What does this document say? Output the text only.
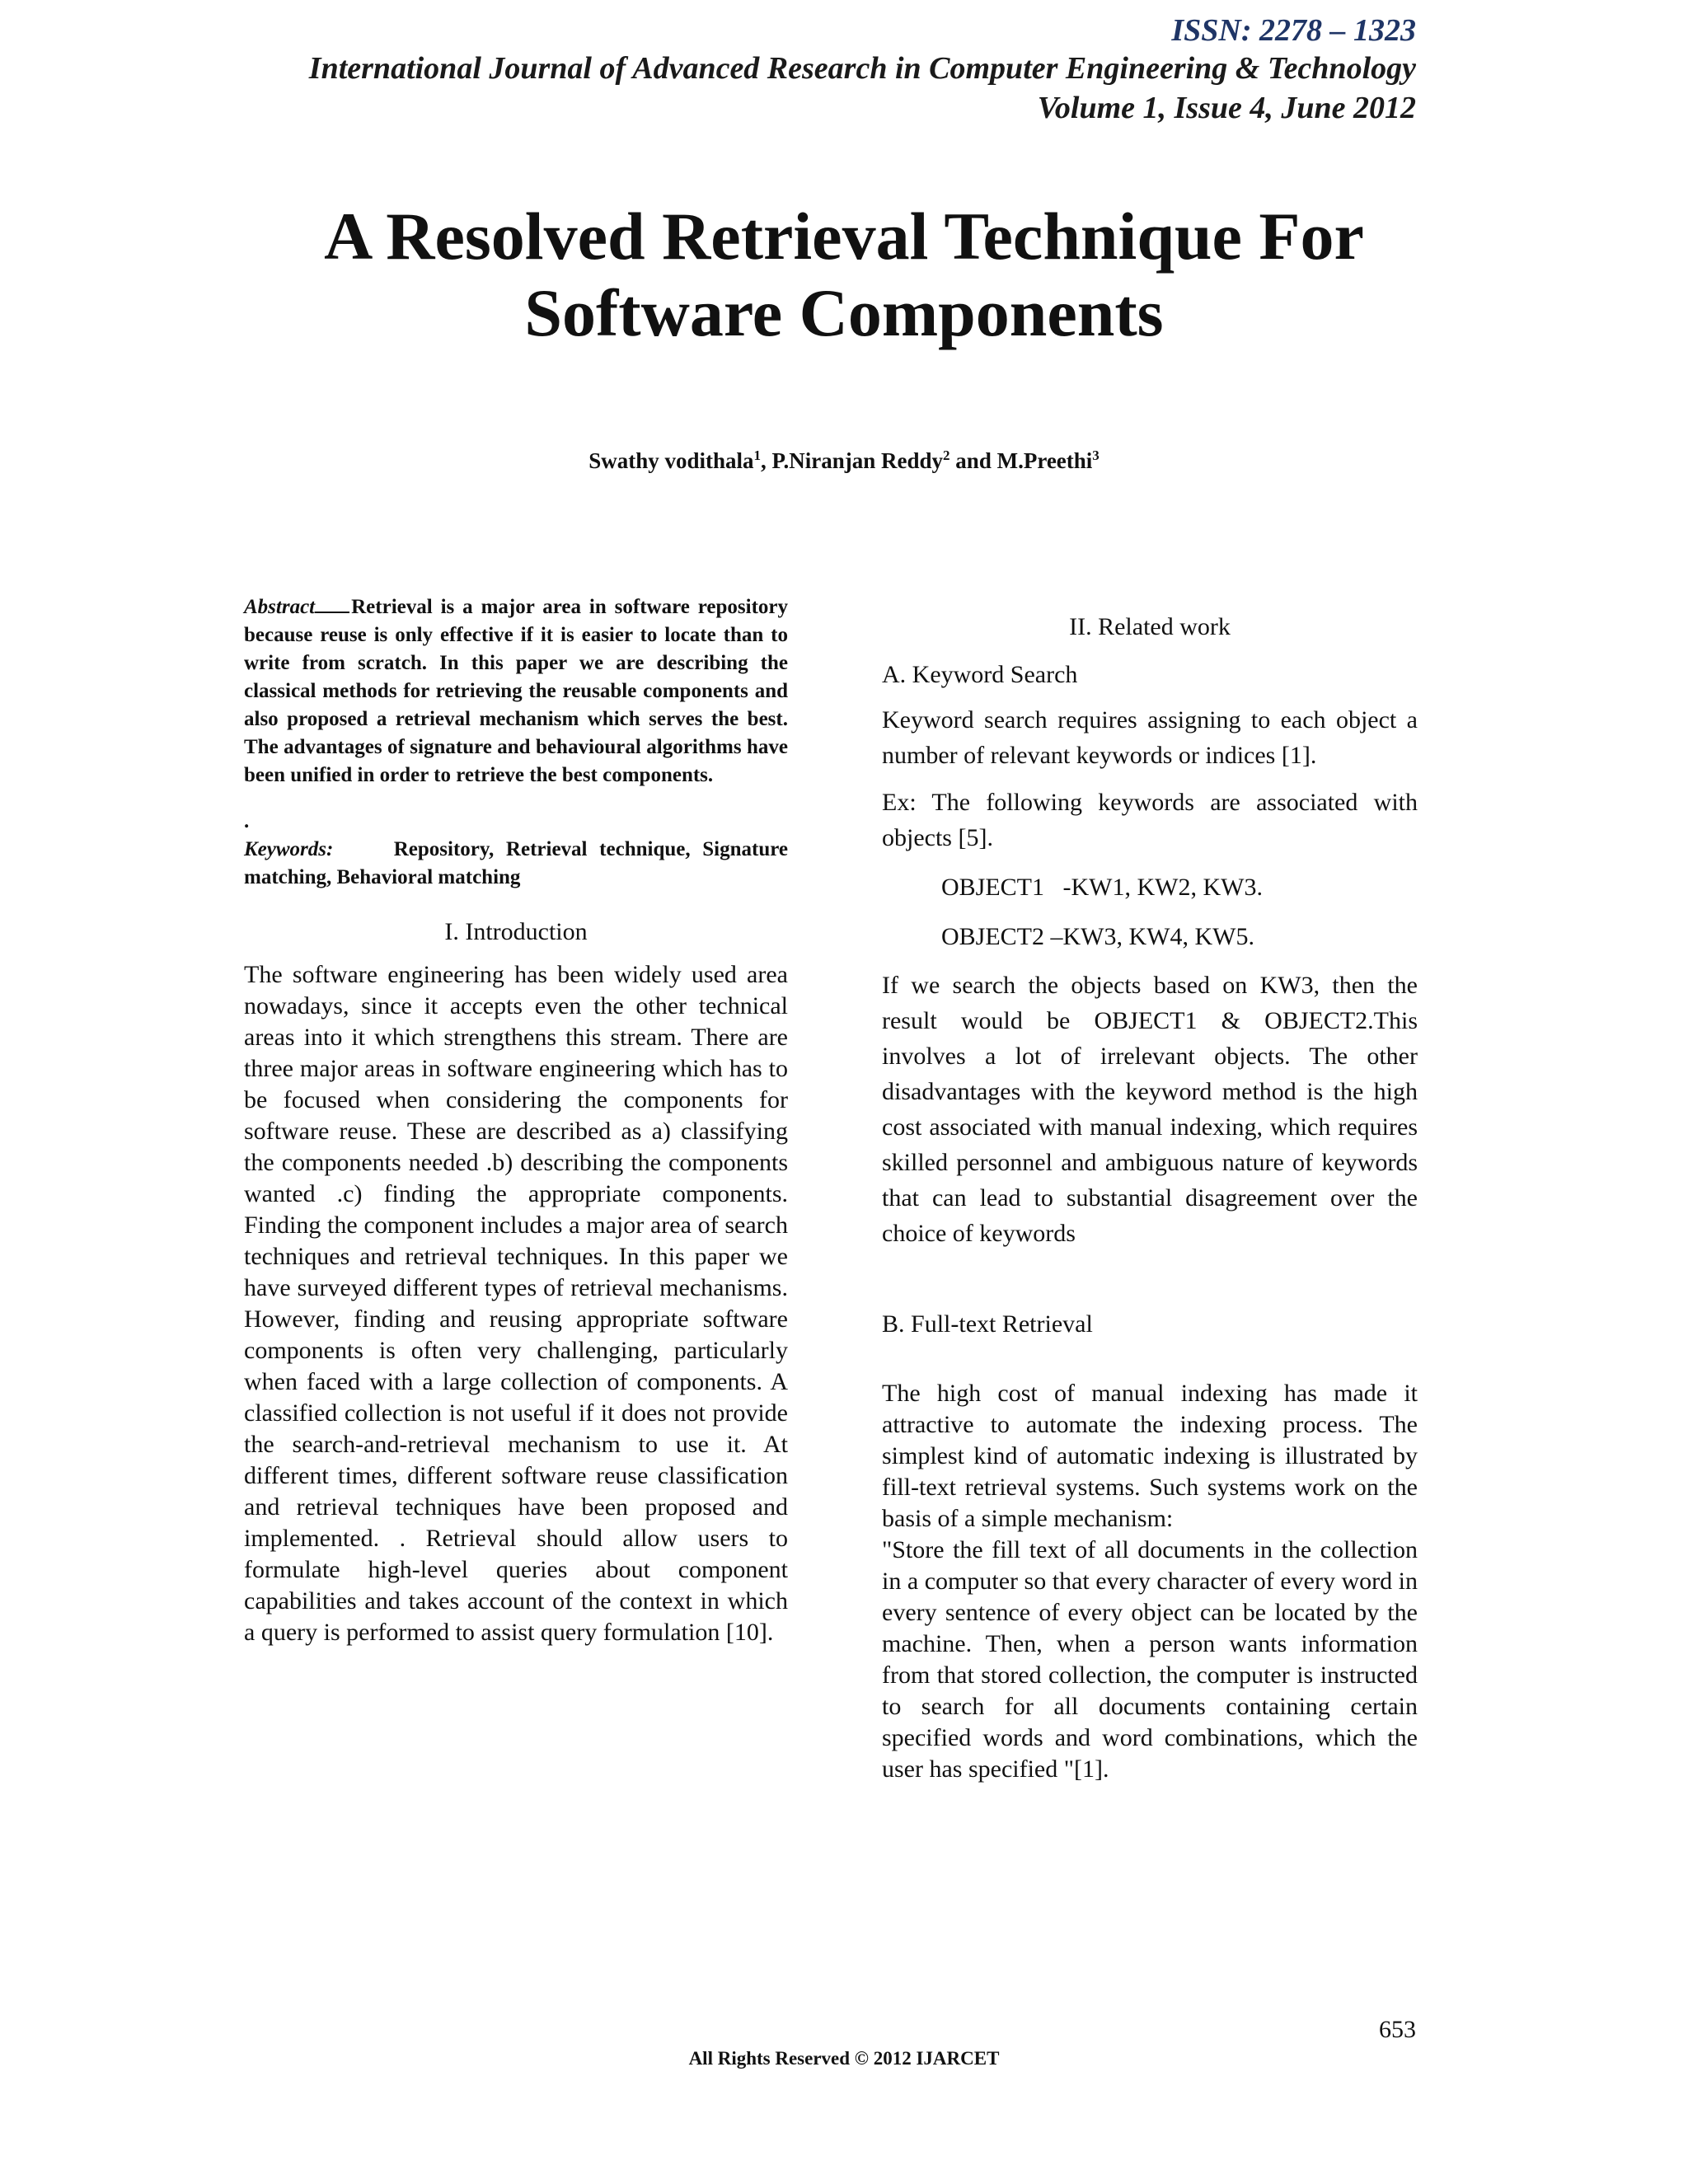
ISSN: 2278 – 1323
International Journal of Advanced Research in Computer Engineering & Technology
Volume 1, Issue 4, June 2012
A Resolved Retrieval Technique For
Software Components
Swathy vodithala$^1$, P.Niranjan Reddy$^2$ and M.Preethi$^3$

Abstract Retrieval is a major area in software repository because reuse is only effective if it is easier to locate than to write from scratch. In this paper we are describing the classical methods for retrieving the reusable components and also proposed a retrieval mechanism which serves the best. The advantages of signature and behavioural algorithms have been unified in order to retrieve the best components.

.

Keywords:	Repository, Retrieval technique, Signature matching, Behavioral matching

I. Introduction

The software engineering has been widely used area nowadays, since it accepts even the other technical areas into it which strengthens this stream. There are three major areas in software engineering which has to be focused when considering the components for software reuse. These are described as a) classifying the components needed .b) describing the components wanted .c) finding the appropriate components. Finding the component includes a major area of search techniques and retrieval techniques. In this paper we have surveyed different types of retrieval mechanisms. However, finding and reusing appropriate software components is often very challenging, particularly when faced with a large collection of components. A classified collection is not useful if it does not provide the search-and-retrieval mechanism to use it. At different times, different software reuse classification and retrieval techniques have been proposed and implemented. . Retrieval should allow users to formulate high-level queries about component capabilities and takes account of the context in which a query is performed to assist query formulation [10].

II. Related work
A. Keyword Search

Keyword search requires assigning to each object a number of relevant keywords or indices [1].

Ex: The following keywords are associated with objects [5].

OBJECT1   -KW1, KW2, KW3.

OBJECT2 –KW3, KW4, KW5.

If we search the objects based on KW3, then the result would be OBJECT1 & OBJECT2.This involves a lot of irrelevant objects. The other disadvantages with the keyword method is the high cost associated with manual indexing, which requires skilled personnel and ambiguous nature of keywords that can lead to substantial disagreement over the choice of keywords

B. Full-text Retrieval

The high cost of manual indexing has made it attractive to automate the indexing process. The simplest kind of automatic indexing is illustrated by fill-text retrieval systems. Such systems work on the basis of a simple mechanism:

"Store the fill text of all documents in the collection in a computer so that every character of every word in every sentence of every object can be located by the machine. Then, when a person wants information from that stored collection, the computer is instructed to search for all documents containing certain specified words and word combinations, which the user has specified "[1].

653
All Rights Reserved © 2012 IJARCET
